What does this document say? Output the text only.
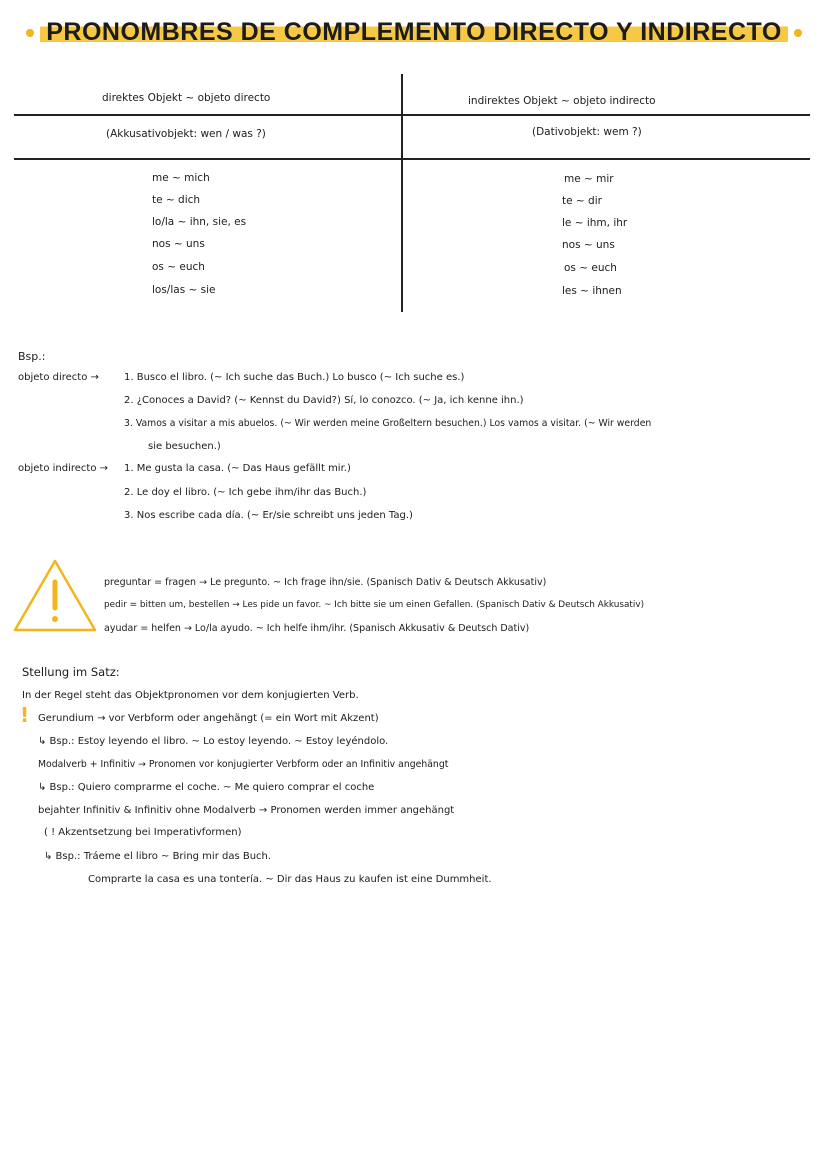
PRONOMBRES DE COMPLEMENTO DIRECTO Y INDIRECTO
direktes Objekt ~ objeto directo
(Akkusativobjekt: wen / was ?)
indirektes Objekt ~ objeto indirecto
(Dativobjekt: wem ?)
me ~ mich
te ~ dich
lo/la ~ ihn, sie, es
nos ~ uns
os ~ euch
los/las ~ sie
me ~ mir
te ~ dir
le ~ ihm, ihr
nos ~ uns
os ~ euch
les ~ ihnen
Bsp.:
objeto directo →	1. Busco el libro. (~ Ich suche das Buch.) Lo busco (~ Ich suche es.)
2. ¿Conoces a David? (~ Kennst du David?) Sí, lo conozco. (~ Ja, ich kenne ihn.)
3. Vamos a visitar a mis abuelos. (~ Wir werden meine Großeltern besuchen.) Los vamos a visitar. (~ Wir werden
sie besuchen.)
objeto indirecto → 1. Me gusta la casa. (~ Das Haus gefällt mir.)
2. Le doy el libro. (~ Ich gebe ihm/ihr das Buch.)
3. Nos escribe cada día. (~ Er/sie schreibt uns jeden Tag.)
preguntar = fragen → Le pregunto. ~ Ich frage ihn/sie. (Spanisch Dativ & Deutsch Akkusativ)
pedir = bitten um, bestellen → Les pide un favor. ~ Ich bitte sie um einen Gefallen. (Spanisch Dativ & Deutsch Akkusativ)
ayudar = helfen → Lo/la ayudo. ~ Ich helfe ihm/ihr. (Spanisch Akkusativ & Deutsch Dativ)
Stellung im Satz:
In der Regel steht das Objektpronomen vor dem konjugierten Verb.
! Gerundium → vor Verbform oder angehängt (= ein Wort mit Akzent)
↳ Bsp.: Estoy leyendo el libro. ~ Lo estoy leyendo. ~ Estoy leyéndolo.
Modalverb + Infinitiv → Pronomen vor konjugierter Verbform oder an Infinitiv angehängt
↳ Bsp.: Quiero comprarme el coche. ~ Me quiero comprar el coche
bejahter Infinitiv & Infinitiv ohne Modalverb → Pronomen werden immer angehängt
( ! Akzentsetzung bei Imperativformen)
↳ Bsp.: Tráeme el libro ~ Bring mir das Buch.
Comprarte la casa es una tontería. ~ Dir das Haus zu kaufen ist eine Dummheit.
